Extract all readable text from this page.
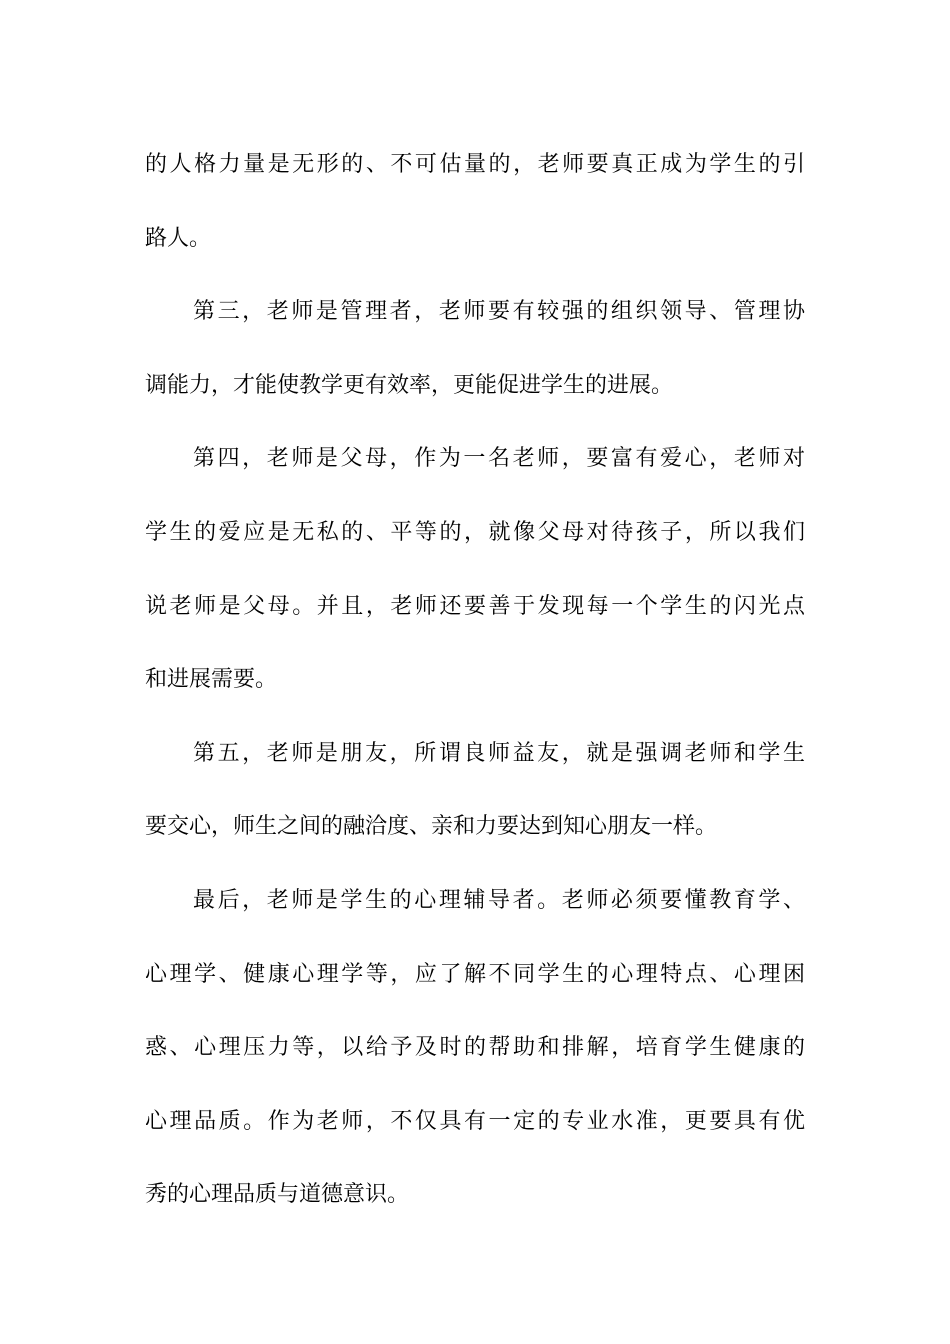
的人格力量是无形的、不可估量的，老师要真正成为学生的引
路人。
第三，老师是管理者，老师要有较强的组织领导、管理协
调能力，才能使教学更有效率，更能促进学生的进展。
第四，老师是父母，作为一名老师，要富有爱心，老师对
学生的爱应是无私的、平等的，就像父母对待孩子，所以我们
说老师是父母。并且，老师还要善于发现每一个学生的闪光点
和进展需要。
第五，老师是朋友，所谓良师益友，就是强调老师和学生
要交心，师生之间的融洽度、亲和力要达到知心朋友一样。
最后，老师是学生的心理辅导者。老师必须要懂教育学、
心理学、健康心理学等，应了解不同学生的心理特点、心理困
惑、心理压力等，以给予及时的帮助和排解，培育学生健康的
心理品质。作为老师，不仅具有一定的专业水准，更要具有优
秀的心理品质与道德意识。
